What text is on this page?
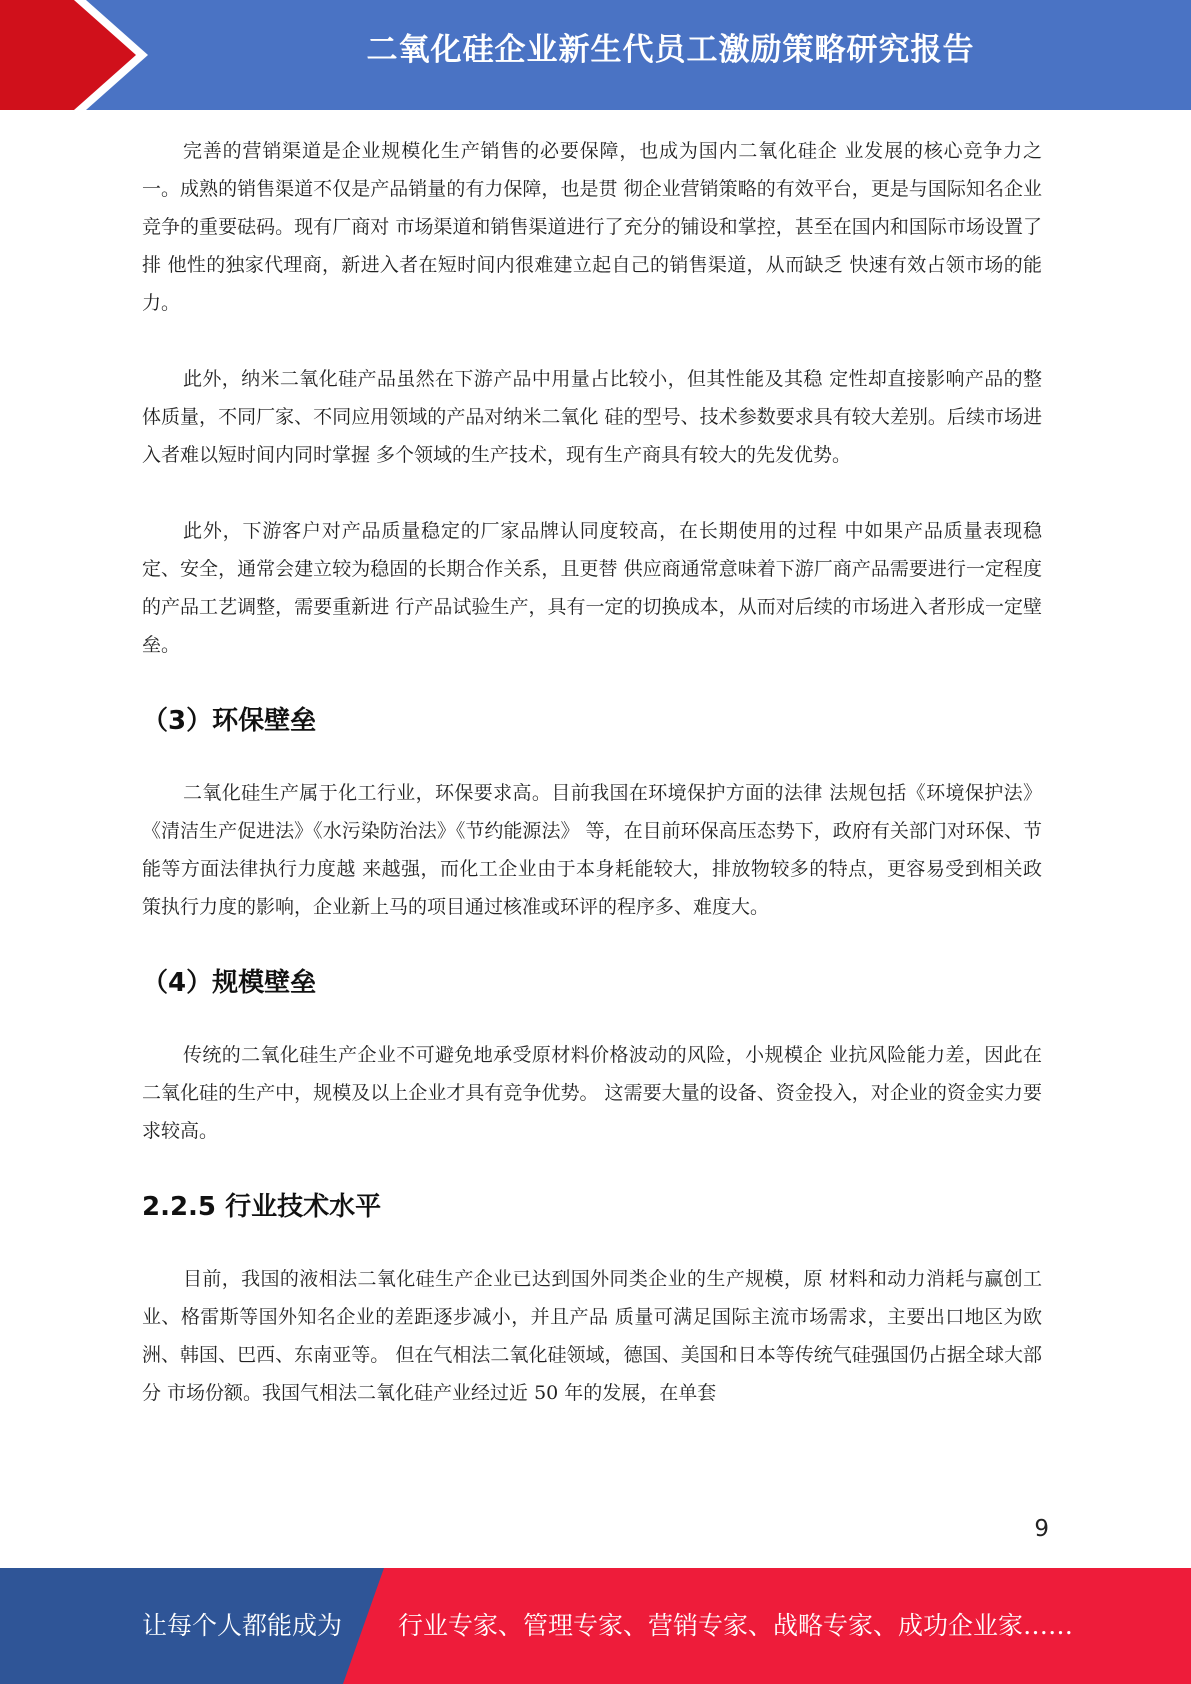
二氧化硅企业新生代员工激励策略研究报告

完善的营销渠道是企业规模化生产销售的必要保障，也成为国内二氧化硅企 业发展的核心竞争力之一。成熟的销售渠道不仅是产品销量的有力保障，也是贯 彻企业营销策略的有效平台，更是与国际知名企业竞争的重要砝码。现有厂商对 市场渠道和销售渠道进行了充分的铺设和掌控，甚至在国内和国际市场设置了排 他性的独家代理商，新进入者在短时间内很难建立起自己的销售渠道，从而缺乏 快速有效占领市场的能力。

此外，纳米二氧化硅产品虽然在下游产品中用量占比较小，但其性能及其稳 定性却直接影响产品的整体质量，不同厂家、不同应用领域的产品对纳米二氧化 硅的型号、技术参数要求具有较大差别。后续市场进入者难以短时间内同时掌握 多个领域的生产技术，现有生产商具有较大的先发优势。

此外，下游客户对产品质量稳定的厂家品牌认同度较高，在长期使用的过程 中如果产品质量表现稳定、安全，通常会建立较为稳固的长期合作关系，且更替 供应商通常意味着下游厂商产品需要进行一定程度的产品工艺调整，需要重新进 行产品试验生产，具有一定的切换成本，从而对后续的市场进入者形成一定壁垒。

（3）环保壁垒

二氧化硅生产属于化工行业，环保要求高。目前我国在环境保护方面的法律 法规包括《环境保护法》《清洁生产促进法》《水污染防治法》《节约能源法》 等，在目前环保高压态势下，政府有关部门对环保、节能等方面法律执行力度越 来越强，而化工企业由于本身耗能较大，排放物较多的特点，更容易受到相关政 策执行力度的影响，企业新上马的项目通过核准或环评的程序多、难度大。

（4）规模壁垒

传统的二氧化硅生产企业不可避免地承受原材料价格波动的风险，小规模企 业抗风险能力差，因此在二氧化硅的生产中，规模及以上企业才具有竞争优势。 这需要大量的设备、资金投入，对企业的资金实力要求较高。

2.2.5 行业技术水平

目前，我国的液相法二氧化硅生产企业已达到国外同类企业的生产规模，原 材料和动力消耗与赢创工业、格雷斯等国外知名企业的差距逐步减小，并且产品 质量可满足国际主流市场需求，主要出口地区为欧洲、韩国、巴西、东南亚等。 但在气相法二氧化硅领域，德国、美国和日本等传统气硅强国仍占据全球大部分 市场份额。我国气相法二氧化硅产业经过近 50 年的发展，在单套

9
让每个人都能成为 行业专家、管理专家、营销专家、战略专家、成功企业家……
